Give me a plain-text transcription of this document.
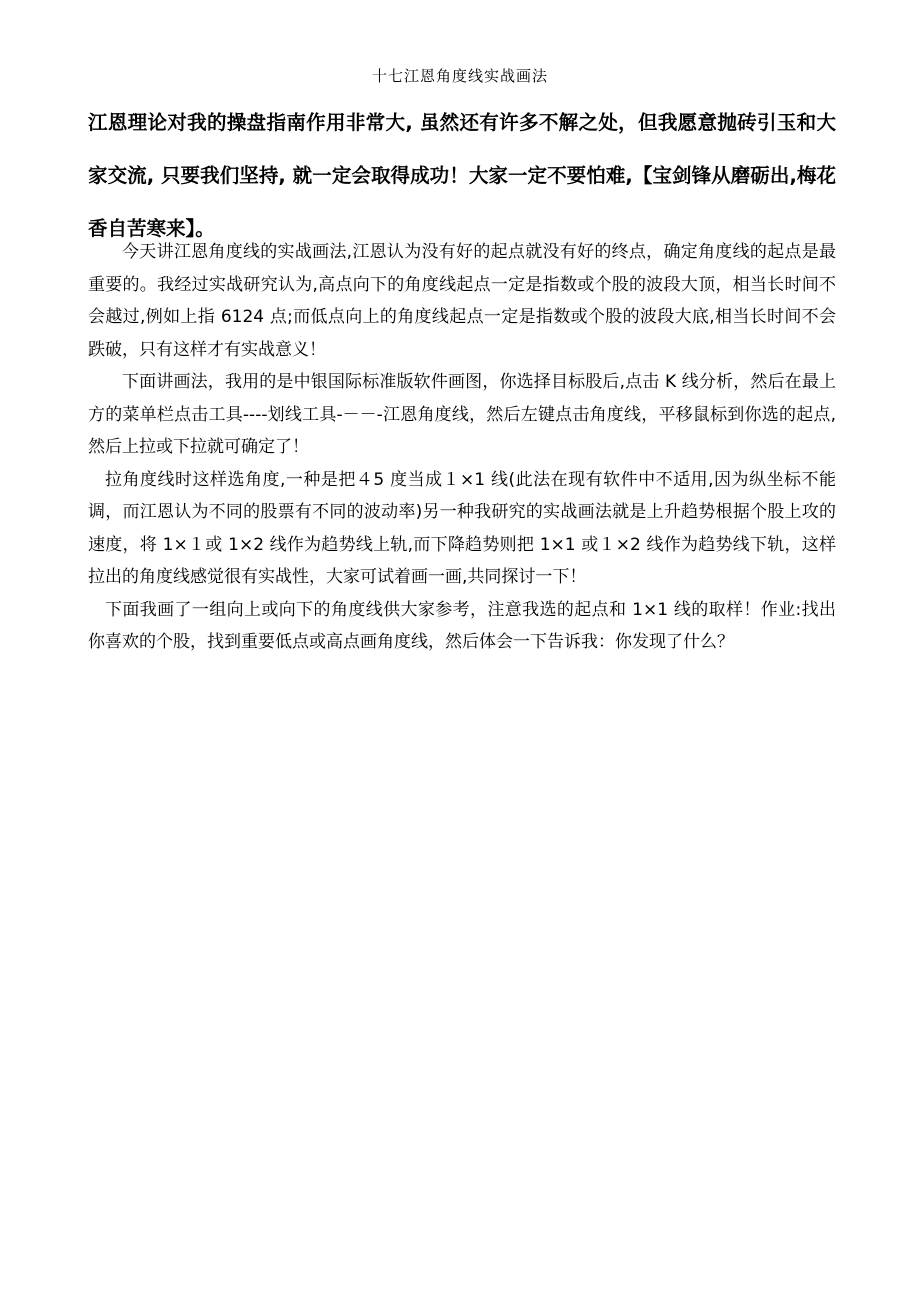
十七江恩角度线实战画法

江恩理论对我的操盘指南作用非常大, 虽然还有许多不解之处，但我愿意抛砖引玉和大家交流, 只要我们坚持, 就一定会取得成功！大家一定不要怕难,【宝剑锋从磨砺出,梅花香自苦寒来】。

今天讲江恩角度线的实战画法,江恩认为没有好的起点就没有好的终点，确定角度线的起点是最重要的。我经过实战研究认为,高点向下的角度线起点一定是指数或个股的波段大顶，相当长时间不会越过,例如上指 6124 点;而低点向上的角度线起点一定是指数或个股的波段大底,相当长时间不会跌破，只有这样才有实战意义！

下面讲画法，我用的是中银国际标准版软件画图，你选择目标股后,点击 K 线分析，然后在最上方的菜单栏点击工具----划线工具-－－-江恩角度线，然后左键点击角度线，平移鼠标到你选的起点,然后上拉或下拉就可确定了！

拉角度线时这样选角度,一种是把４5 度当成１×1 线(此法在现有软件中不适用,因为纵坐标不能调，而江恩认为不同的股票有不同的波动率)另一种我研究的实战画法就是上升趋势根据个股上攻的速度，将 1×１或 1×2 线作为趋势线上轨,而下降趋势则把 1×1 或１×2 线作为趋势线下轨，这样拉出的角度线感觉很有实战性，大家可试着画一画,共同探讨一下！

下面我画了一组向上或向下的角度线供大家参考，注意我选的起点和 1×1 线的取样！作业:找出你喜欢的个股，找到重要低点或高点画角度线，然后体会一下告诉我：你发现了什么？
